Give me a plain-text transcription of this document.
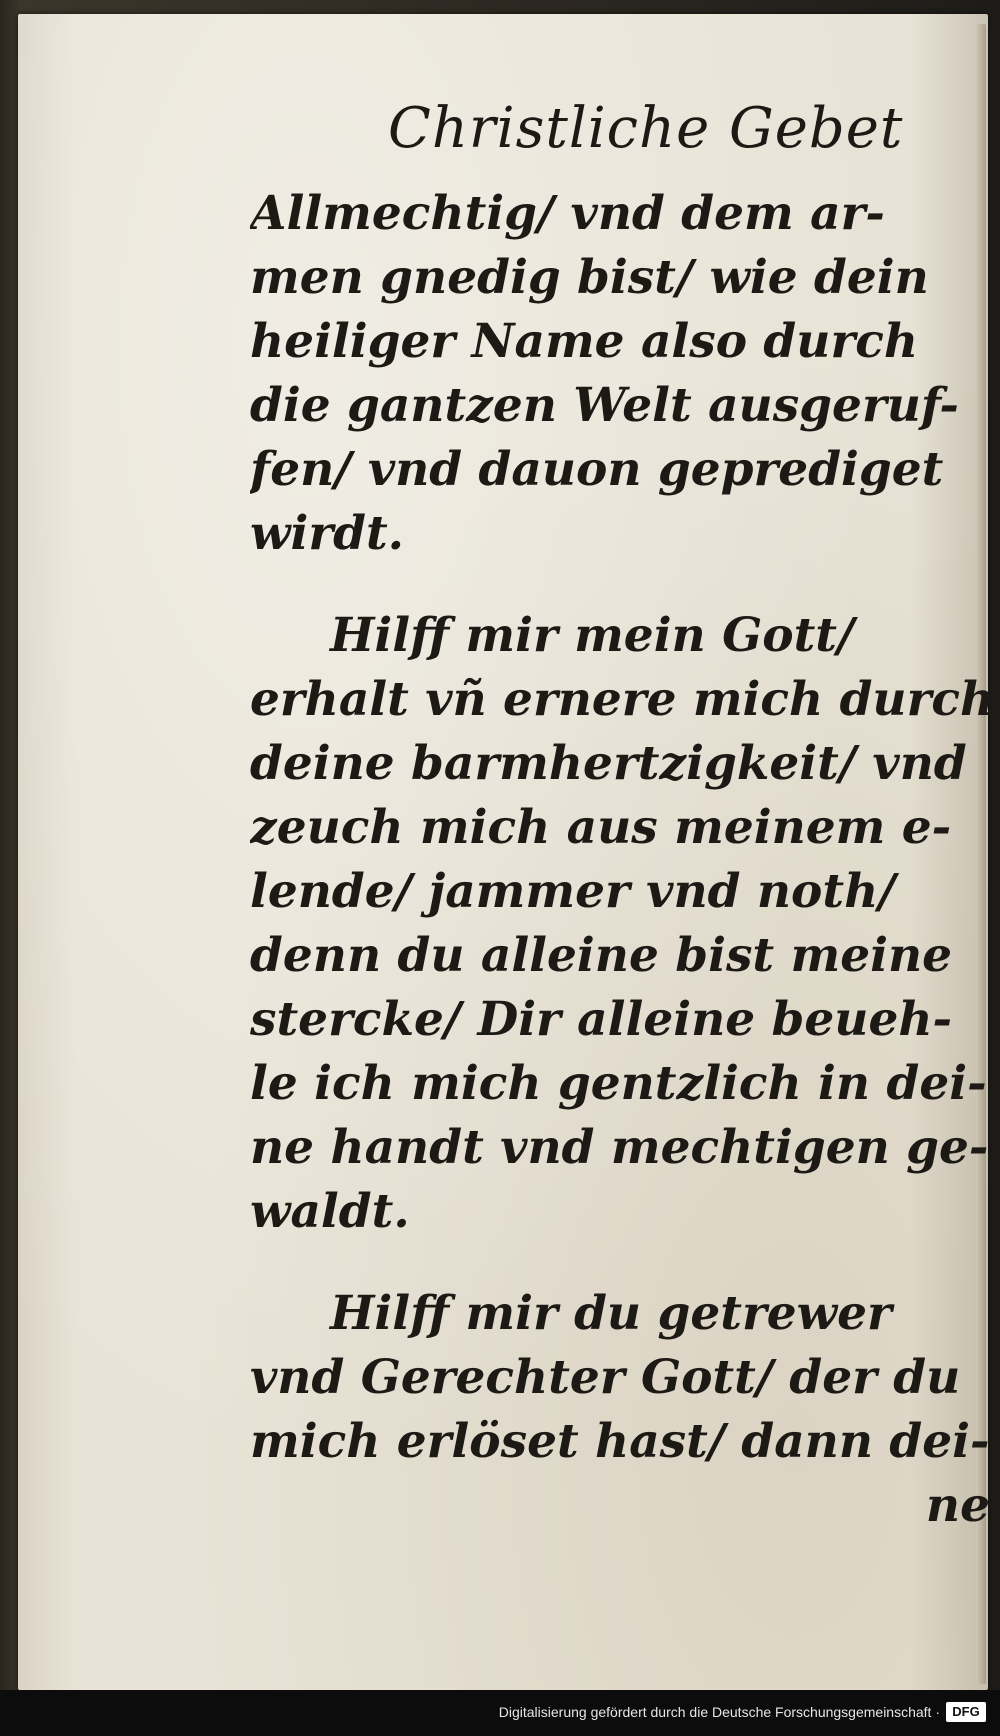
Christliche Gebet
Allmechtig/ vnd dem ar-
men gnedig bist/ wie dein
heiliger Name also durch
die gantzen Welt ausgeruf-
fen/ vnd dauon geprediget
wirdt.
Hilff mir mein Gott/
erhalt vñ ernere mich durch
deine barmhertzigkeit/ vnd
zeuch mich aus meinem e-
lende/ jammer vnd noth/
denn du alleine bist meine
stercke/ Dir alleine beueh-
le ich mich gentzlich in dei-
ne handt vnd mechtigen ge-
waldt.
Hilff mir du getrewer
vnd Gerechter Gott/ der du
mich erlöset hast/ dann dei-
ne
Digitalisierung gefördert durch die Deutsche Forschungsgemeinschaft · DFG
